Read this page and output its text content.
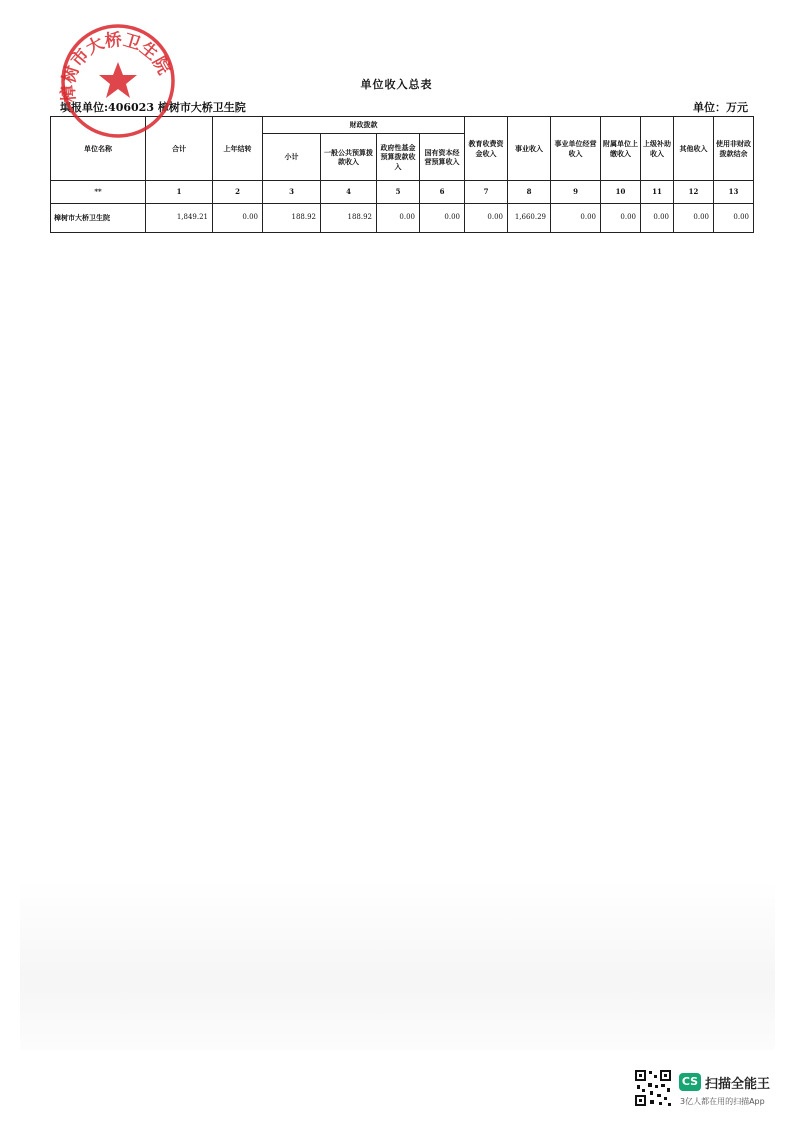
单位收入总表
填报单位:406023 樟树市大桥卫生院	单位：万元
单位名称	合计	上年结转	财政拨款				教育收费资金收入	事业收入	事业单位经营收入	附属单位上缴收入	上级补助收入	其他收入	使用非财政拨款结余
			小计	一般公共预算拨款收入	政府性基金预算拨款收入	国有资本经营预算收入							
**	1	2	3	4	5	6	7	8	9	10	11	12	13
樟树市大桥卫生院	1,849.21	0.00	188.92	188.92	0.00	0.00	0.00	1,660.29	0.00	0.00	0.00	0.00	0.00
樟树市大桥卫生院
CS 扫描全能王
3亿人都在用的扫描App
